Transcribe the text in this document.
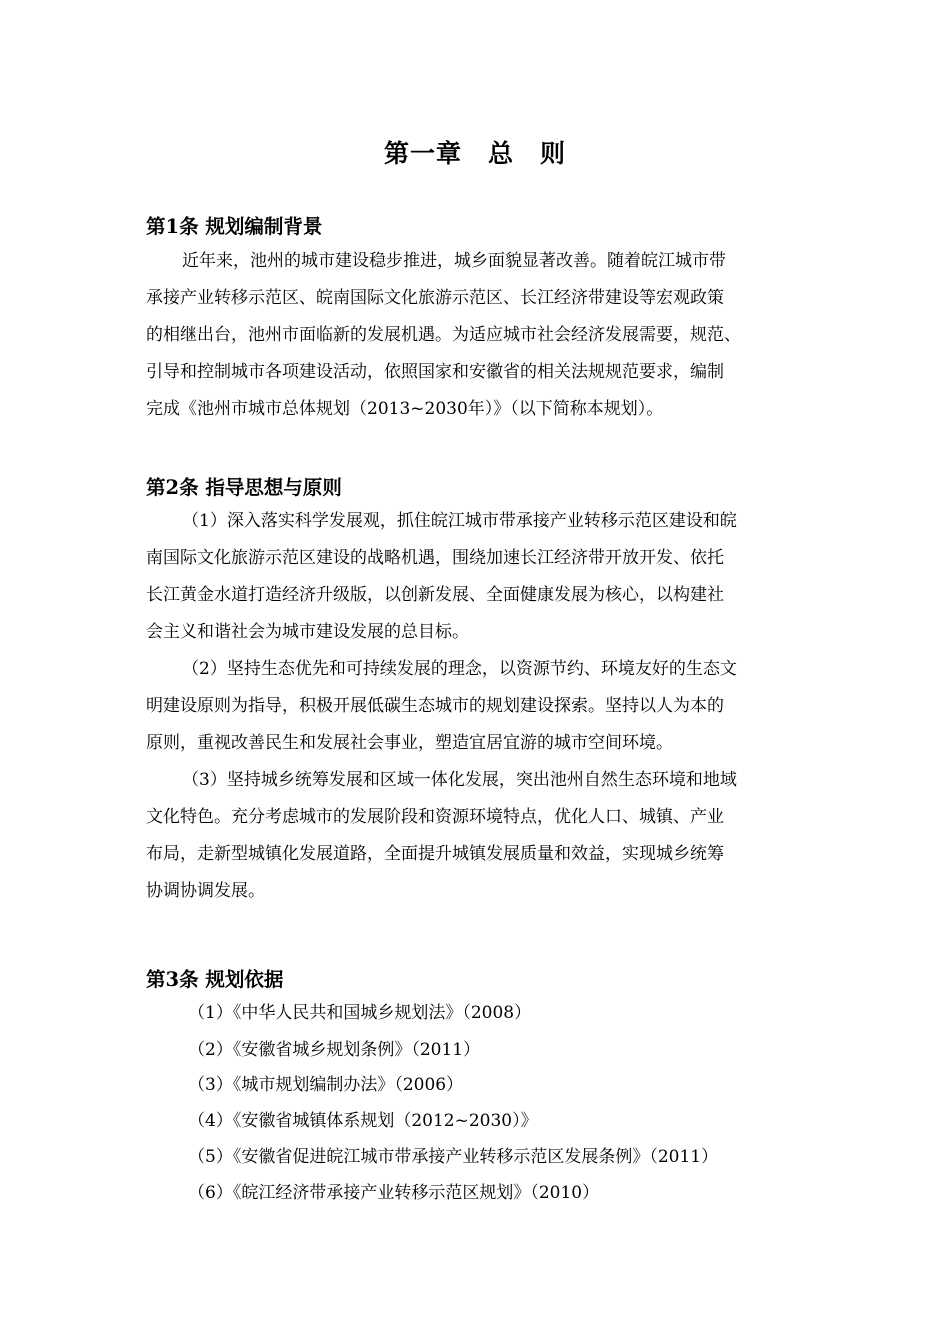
第一章　总　则
第1条 规划编制背景
近年来，池州的城市建设稳步推进，城乡面貌显著改善。随着皖江城市带
承接产业转移示范区、皖南国际文化旅游示范区、长江经济带建设等宏观政策
的相继出台，池州市面临新的发展机遇。为适应城市社会经济发展需要，规范、
引导和控制城市各项建设活动，依照国家和安徽省的相关法规规范要求，编制
完成《池州市城市总体规划（2013~2030年）》（以下简称本规划）。
第2条 指导思想与原则
（1）深入落实科学发展观，抓住皖江城市带承接产业转移示范区建设和皖
南国际文化旅游示范区建设的战略机遇，围绕加速长江经济带开放开发、依托
长江黄金水道打造经济升级版，以创新发展、全面健康发展为核心，以构建社
会主义和谐社会为城市建设发展的总目标。
（2）坚持生态优先和可持续发展的理念，以资源节约、环境友好的生态文
明建设原则为指导，积极开展低碳生态城市的规划建设探索。坚持以人为本的
原则，重视改善民生和发展社会事业，塑造宜居宜游的城市空间环境。
（3）坚持城乡统筹发展和区域一体化发展，突出池州自然生态环境和地域
文化特色。充分考虑城市的发展阶段和资源环境特点，优化人口、城镇、产业
布局，走新型城镇化发展道路，全面提升城镇发展质量和效益，实现城乡统筹
协调协调发展。
第3条 规划依据
（1）《中华人民共和国城乡规划法》（2008）
（2）《安徽省城乡规划条例》（2011）
（3）《城市规划编制办法》（2006）
（4）《安徽省城镇体系规划（2012~2030）》
（5）《安徽省促进皖江城市带承接产业转移示范区发展条例》（2011）
（6）《皖江经济带承接产业转移示范区规划》（2010）
